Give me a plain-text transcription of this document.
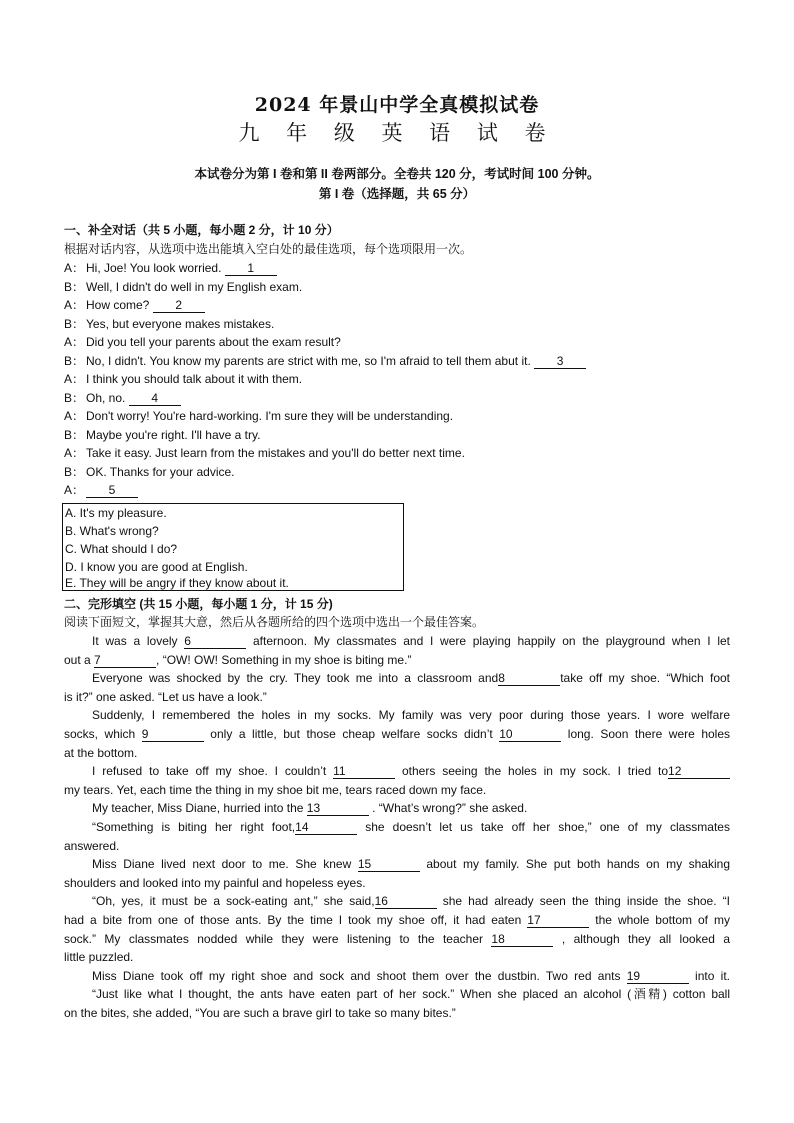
2024 年景山中学全真模拟试卷
九 年 级 英 语 试 卷
本试卷分为第 I 卷和第 II 卷两部分。全卷共 120 分，考试时间 100 分钟。
第 I 卷（选择题，共 65 分）
一、补全对话（共 5 小题，每小题 2 分，计 10 分）
根据对话内容，从选项中选出能填入空白处的最佳选项，每个选项限用一次。
A： Hi, Joe! You look worried. 1
B： Well, I didn't do well in my English exam.
A： How come? 2
B： Yes, but everyone makes mistakes.
A： Did you tell your parents about the exam result?
B： No, I didn't. You know my parents are strict with me, so I'm afraid to tell them abut it. 3
A： I think you should talk about it with them.
B： Oh, no. 4
A： Don't worry! You're hard-working. I'm sure they will be understanding.
B： Maybe you're right. I'll have a try.
A： Take it easy. Just learn from the mistakes and you'll do better next time.
B： OK. Thanks for your advice.
A： 5
A. It's my pleasure.
B. What's wrong?
C. What should I do?
D. I know you are good at English.
E. They will be angry if they know about it.
二、完形填空 (共 15 小题，每小题 1 分，计 15 分)
阅读下面短文，掌握其大意，然后从各题所给的四个选项中选出一个最佳答案。
It was a lovely 6	afternoon. My classmates and I were playing happily on the playground when I let
out a 7	, “OW! OW! Something in my shoe is biting me.”
Everyone was shocked by the cry. They took me into a classroom and8	take off my shoe. “Which foot
is it?” one asked. “Let us have a look.”
Suddenly, I remembered the holes in my socks. My family was very poor during those years. I wore welfare
socks, which 9	only a little, but those cheap welfare socks didn’t 10	long. Soon there were holes
at the bottom.
I refused to take off my shoe. I couldn’t 11	others seeing the holes in my sock. I tried to12
my tears. Yet, each time the thing in my shoe bit me, tears raced down my face.
My teacher, Miss Diane, hurried into the 13	. “What’s wrong?” she asked.
“Something is biting her right foot,14	she doesn’t let us take off her shoe,” one of my classmates
answered.
Miss Diane lived next door to me. She knew 15	about my family. She put both hands on my shaking
shoulders and looked into my painful and hopeless eyes.
“Oh, yes, it must be a sock-eating ant,” she said,16	she had already seen the thing inside the shoe. “I
had a bite from one of those ants. By the time I took my shoe off, it had eaten 17	the whole bottom of my
sock.” My classmates nodded while they were listening to the teacher 18	, although they all looked a
little puzzled.
Miss Diane took off my right shoe and sock and shoot them over the dustbin. Two red ants 19	into it.
“Just like what I thought, the ants have eaten part of her sock.” When she placed an alcohol (酒精) cotton ball
on the bites, she added, “You are such a brave girl to take so many bites.”
